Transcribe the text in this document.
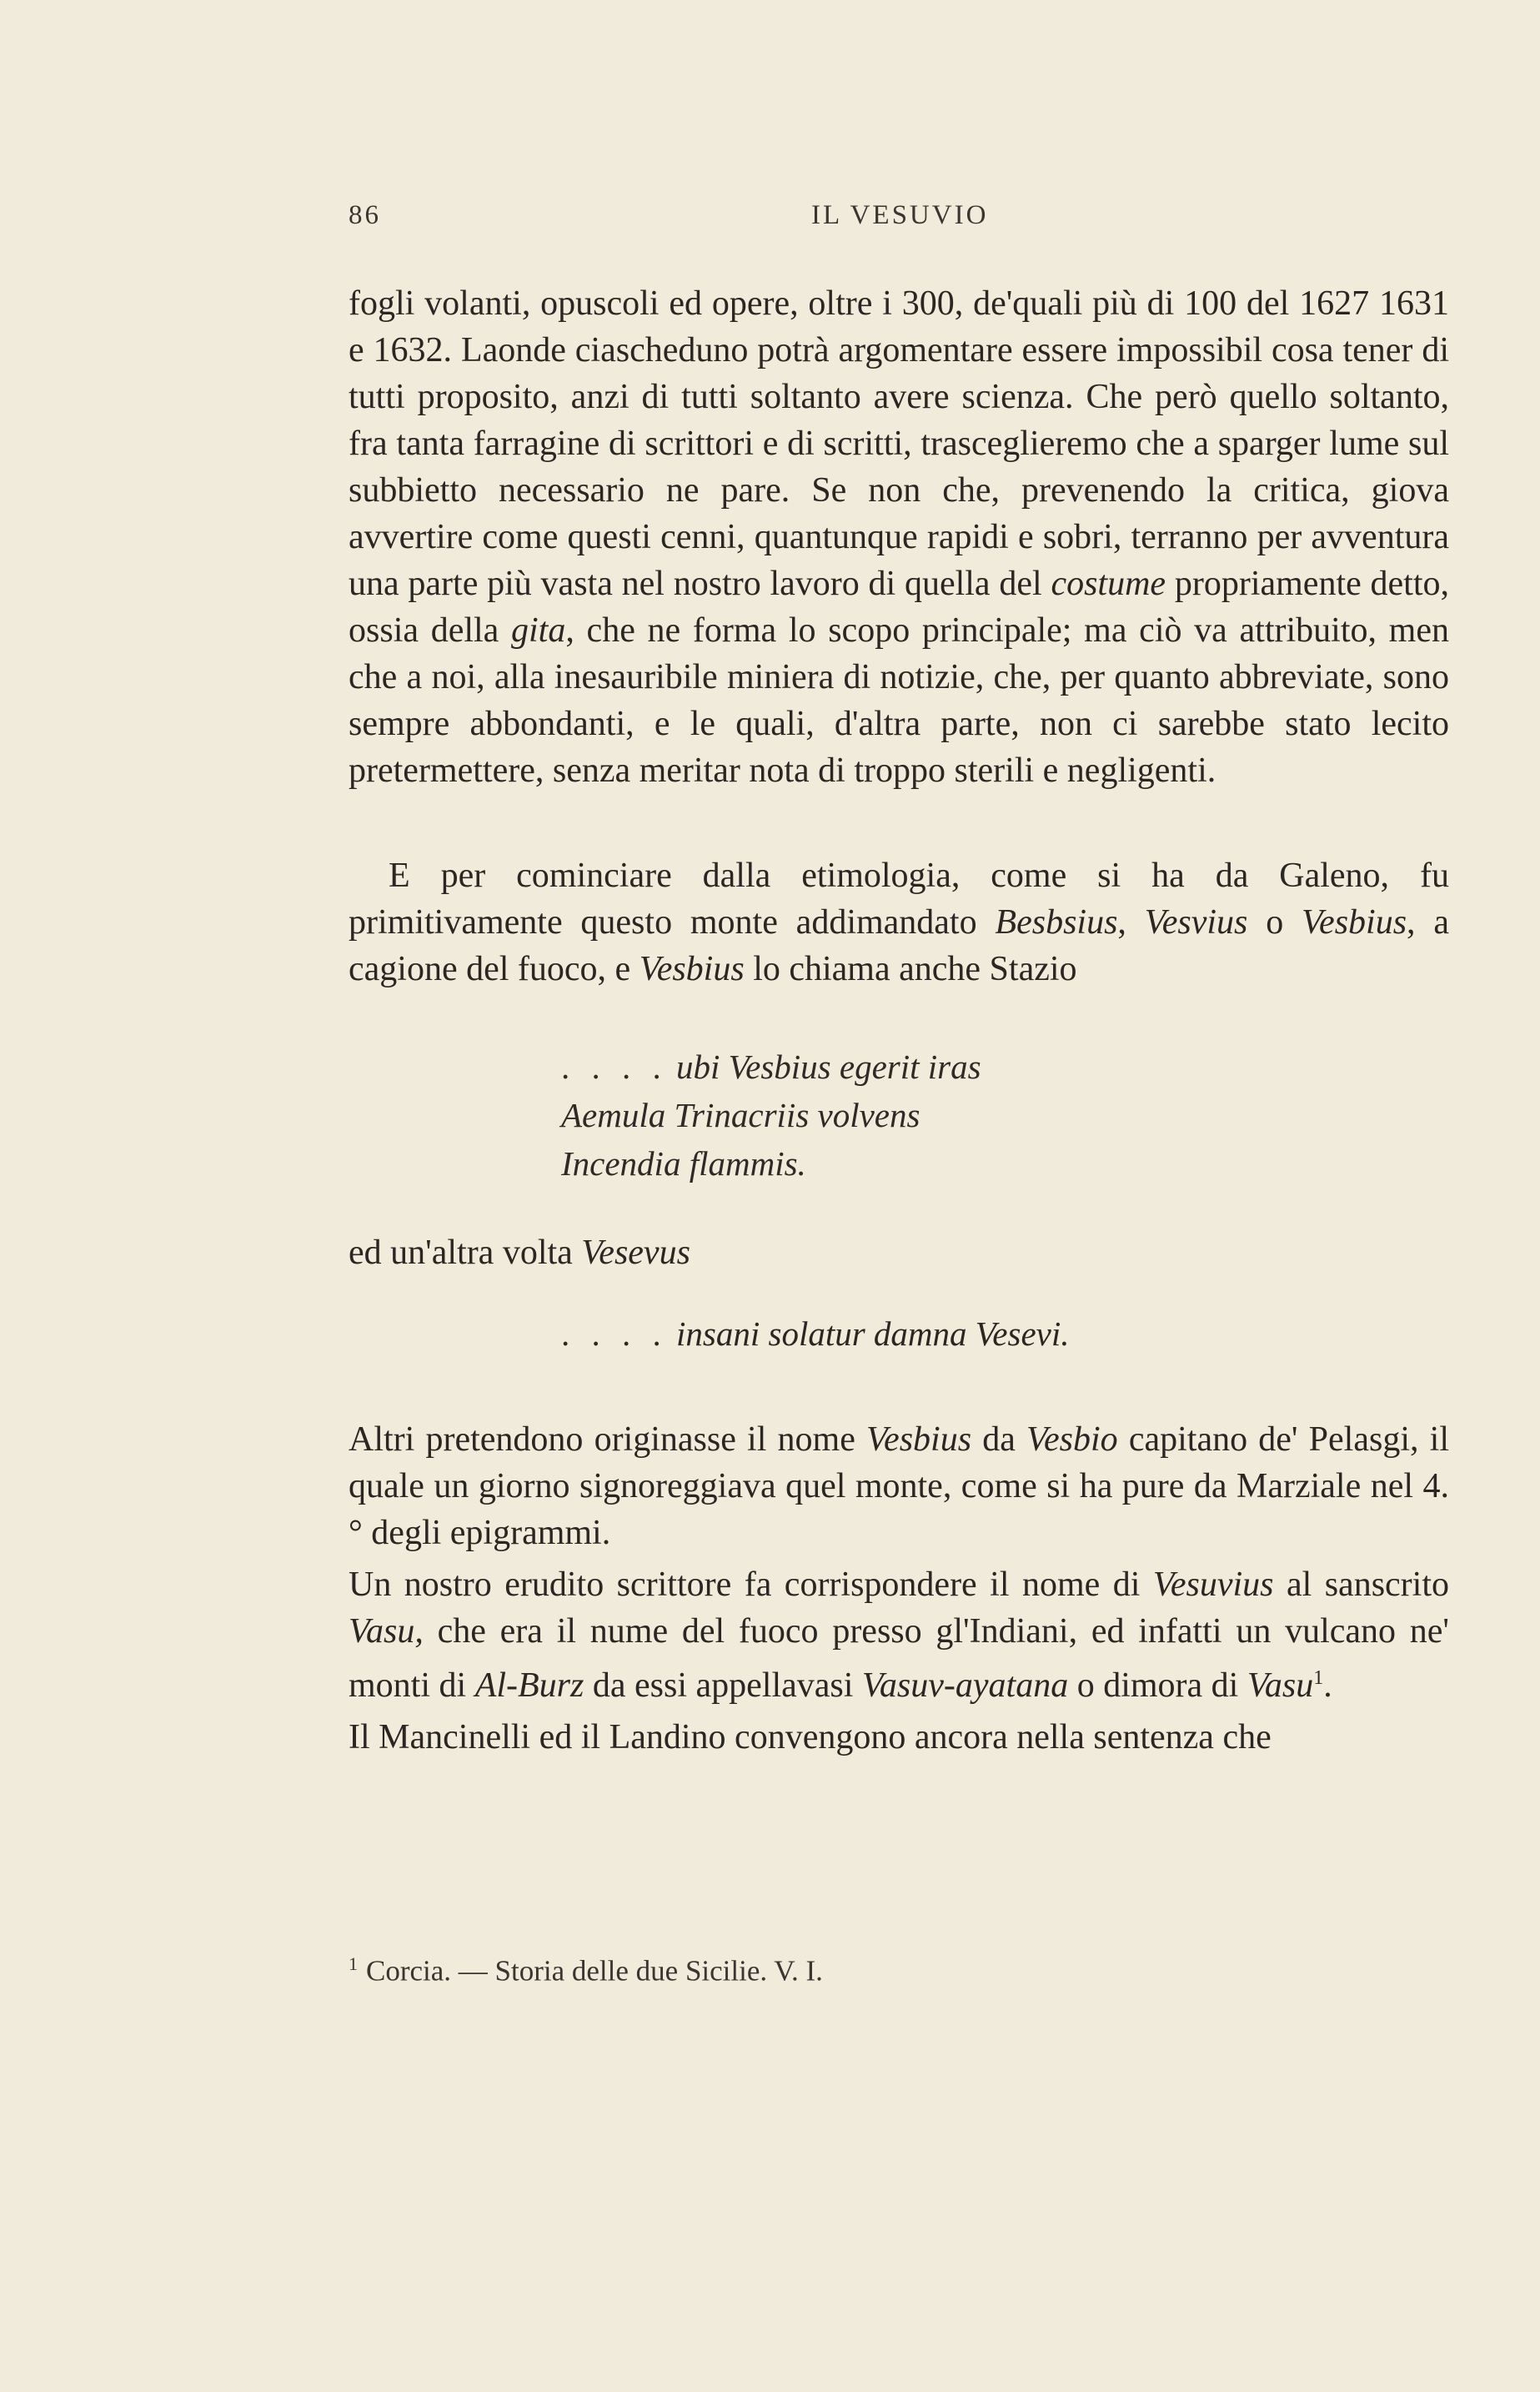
86	IL VESUVIO

fogli volanti, opuscoli ed opere, oltre i 300, de'quali più di 100 del 1627 1631 e 1632. Laonde ciascheduno potrà argomentare essere impossibil cosa tener di tutti proposito, anzi di tutti soltanto avere scienza. Che però quello soltanto, fra tanta farragine di scrittori e di scritti, trasceglieremo che a sparger lume sul subbietto necessario ne pare. Se non che, prevenendo la critica, giova avvertire come questi cenni, quantunque rapidi e sobri, terranno per avventura una parte più vasta nel nostro lavoro di quella del costume propriamente detto, ossia della gita, che ne forma lo scopo principale; ma ciò va attribuito, men che a noi, alla inesauribile miniera di notizie, che, per quanto abbreviate, sono sempre abbondanti, e le quali, d'altra parte, non ci sarebbe stato lecito pretermettere, senza meritar nota di troppo sterili e negligenti.

E per cominciare dalla etimologia, come si ha da Galeno, fu primitivamente questo monte addimandato Besbsius, Vesvius o Vesbius, a cagione del fuoco, e Vesbius lo chiama anche Stazio

. . . . ubi Vesbius egerit iras
Aemula Trinacriis volvens
Incendia flammis.

ed un'altra volta Vesevus

. . . . insani solatur damna Vesevi.

Altri pretendono originasse il nome Vesbius da Vesbio capitano de' Pelasgi, il quale un giorno signoreggiava quel monte, come si ha pure da Marziale nel 4.° degli epigrammi.

Un nostro erudito scrittore fa corrispondere il nome di Vesuvius al sanscrito Vasu, che era il nume del fuoco presso gl'Indiani, ed infatti un vulcano ne' monti di Al-Burz da essi appellavasi Vasuv-ayatana o dimora di Vasu$^1$.

Il Mancinelli ed il Landino convengono ancora nella sentenza che

$^1$ Corcia. — Storia delle due Sicilie. V. I.
